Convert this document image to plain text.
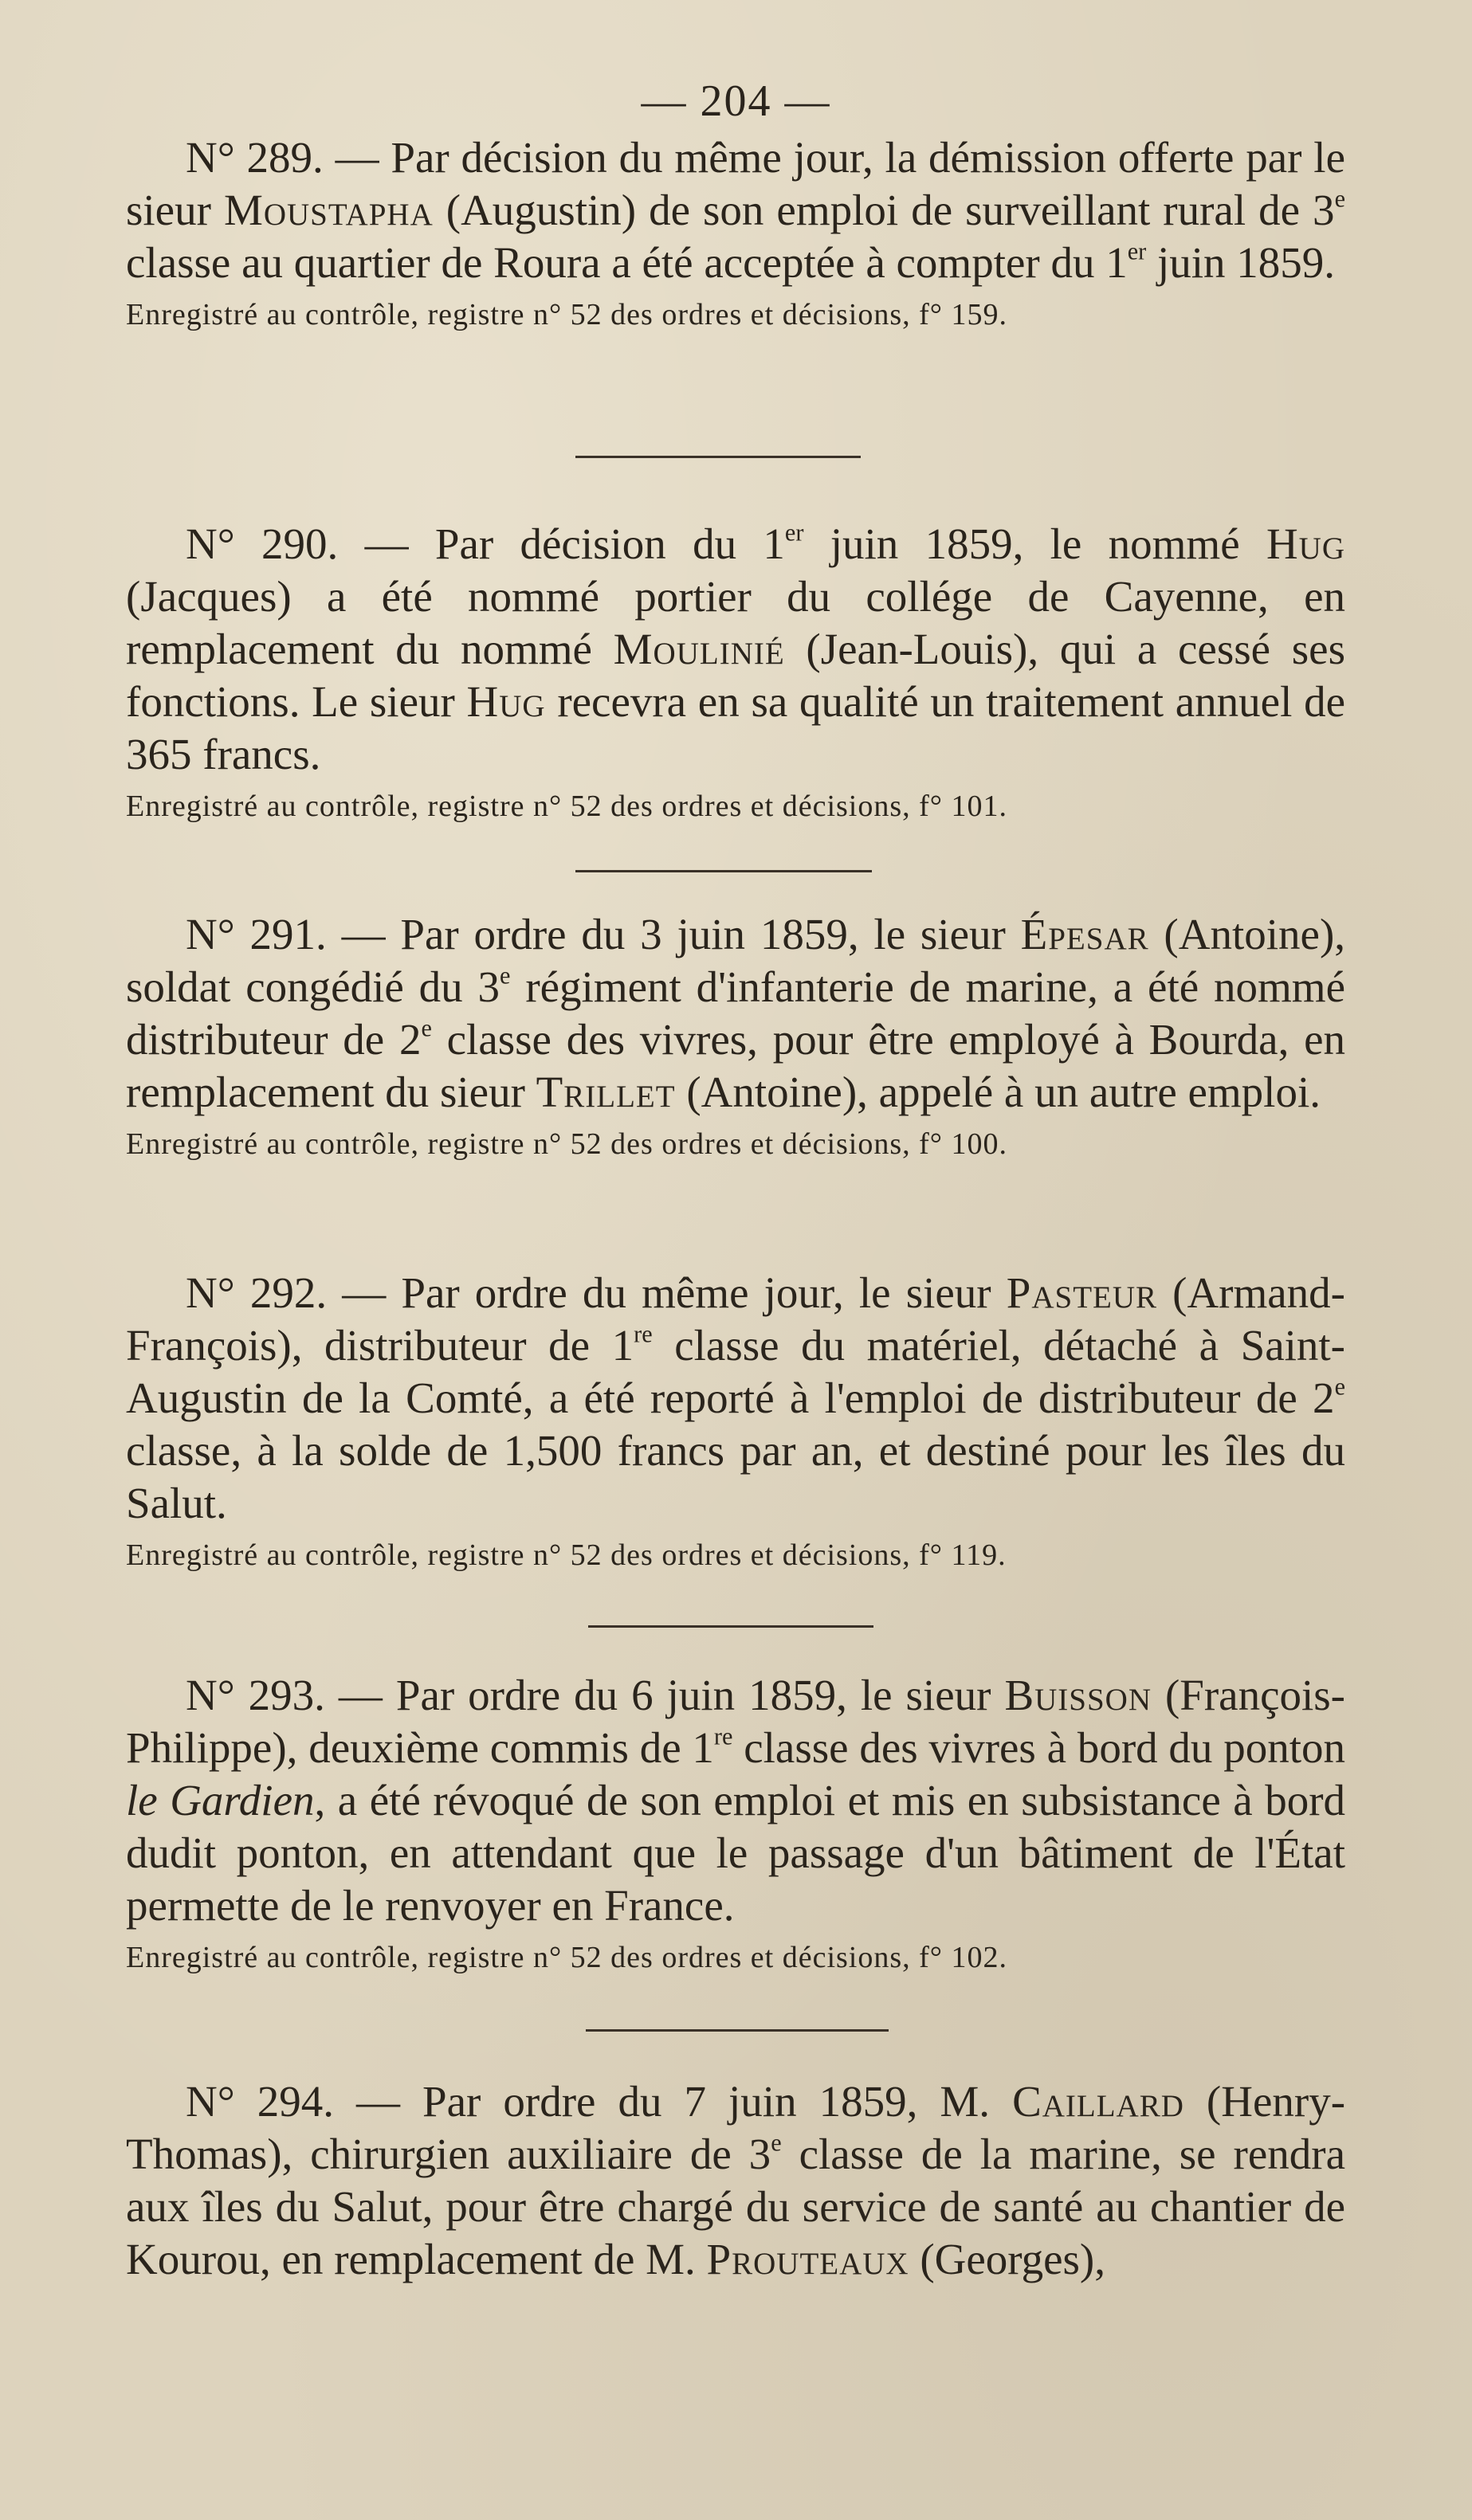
— 204 —

N° 289. — Par décision du même jour, la démission offerte par le sieur Moustapha (Augustin) de son emploi de surveillant rural de 3e classe au quartier de Roura a été acceptée à compter du 1er juin 1859.

Enregistré au contrôle, registre n° 52 des ordres et décisions, f° 159.

N° 290. — Par décision du 1er juin 1859, le nommé Hug (Jacques) a été nommé portier du collége de Cayenne, en remplacement du nommé Moulinié (Jean-Louis), qui a cessé ses fonctions. Le sieur Hug recevra en sa qualité un traitement annuel de 365 francs.

Enregistré au contrôle, registre n° 52 des ordres et décisions, f° 101.

N° 291. — Par ordre du 3 juin 1859, le sieur Épesar (Antoine), soldat congédié du 3e régiment d'infanterie de marine, a été nommé distributeur de 2e classe des vivres, pour être employé à Bourda, en remplacement du sieur Trillet (Antoine), appelé à un autre emploi.

Enregistré au contrôle, registre n° 52 des ordres et décisions, f° 100.

N° 292. — Par ordre du même jour, le sieur Pasteur (Armand-François), distributeur de 1re classe du matériel, détaché à Saint-Augustin de la Comté, a été reporté à l'emploi de distributeur de 2e classe, à la solde de 1,500 francs par an, et destiné pour les îles du Salut.

Enregistré au contrôle, registre n° 52 des ordres et décisions, f° 119.

N° 293. — Par ordre du 6 juin 1859, le sieur Buisson (François-Philippe), deuxième commis de 1re classe des vivres à bord du ponton le Gardien, a été révoqué de son emploi et mis en subsistance à bord dudit ponton, en attendant que le passage d'un bâtiment de l'État permette de le renvoyer en France.

Enregistré au contrôle, registre n° 52 des ordres et décisions, f° 102.

N° 294. — Par ordre du 7 juin 1859, M. Caillard (Henry-Thomas), chirurgien auxiliaire de 3e classe de la marine, se rendra aux îles du Salut, pour être chargé du service de santé au chantier de Kourou, en remplacement de M. Prouteaux (Georges),
